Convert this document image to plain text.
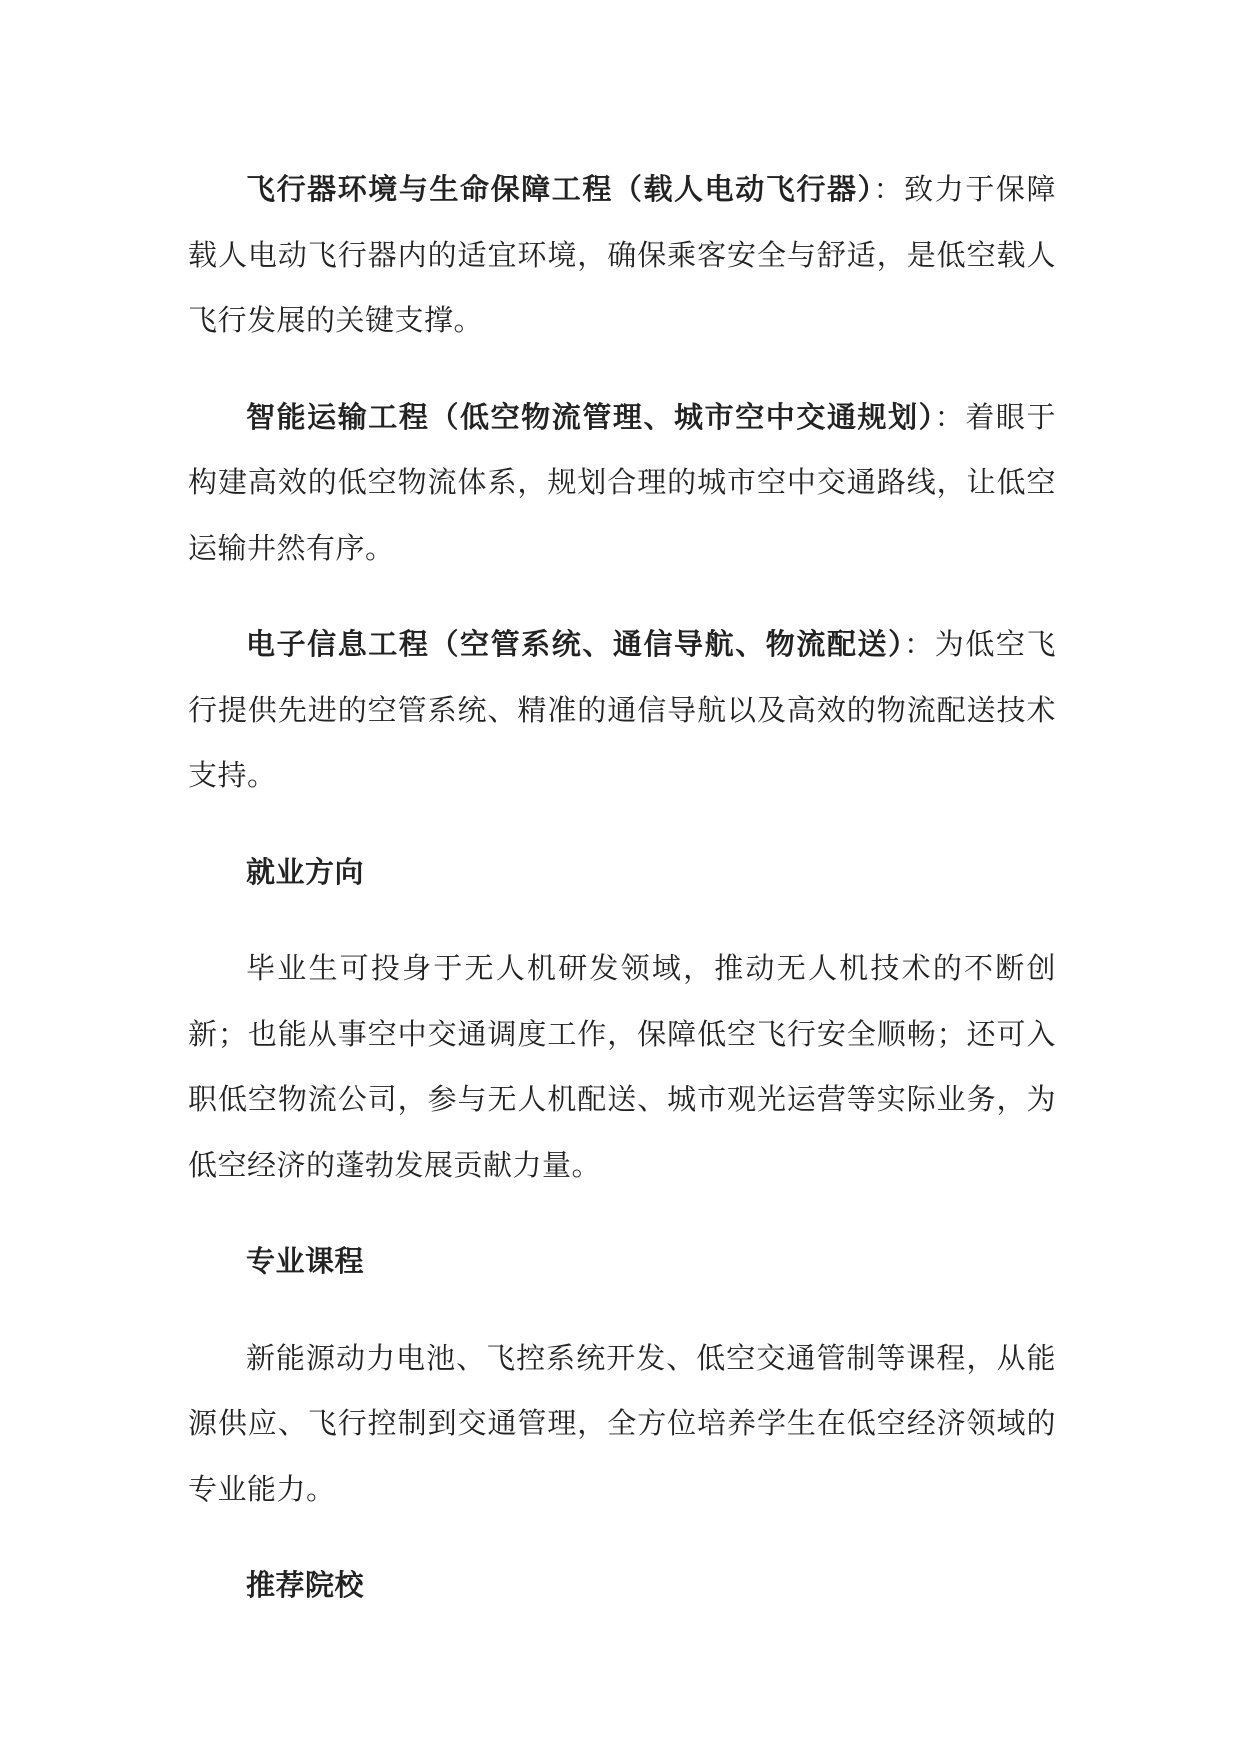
飞行器环境与生命保障工程（载人电动飞行器）：致力于保障载人电动飞行器内的适宜环境，确保乘客安全与舒适，是低空载人飞行发展的关键支撑。

智能运输工程（低空物流管理、城市空中交通规划）：着眼于构建高效的低空物流体系，规划合理的城市空中交通路线，让低空运输井然有序。

电子信息工程（空管系统、通信导航、物流配送）：为低空飞行提供先进的空管系统、精准的通信导航以及高效的物流配送技术支持。

就业方向

毕业生可投身于无人机研发领域，推动无人机技术的不断创新；也能从事空中交通调度工作，保障低空飞行安全顺畅；还可入职低空物流公司，参与无人机配送、城市观光运营等实际业务，为低空经济的蓬勃发展贡献力量。

专业课程

新能源动力电池、飞控系统开发、低空交通管制等课程，从能源供应、飞行控制到交通管理，全方位培养学生在低空经济领域的专业能力。

推荐院校
